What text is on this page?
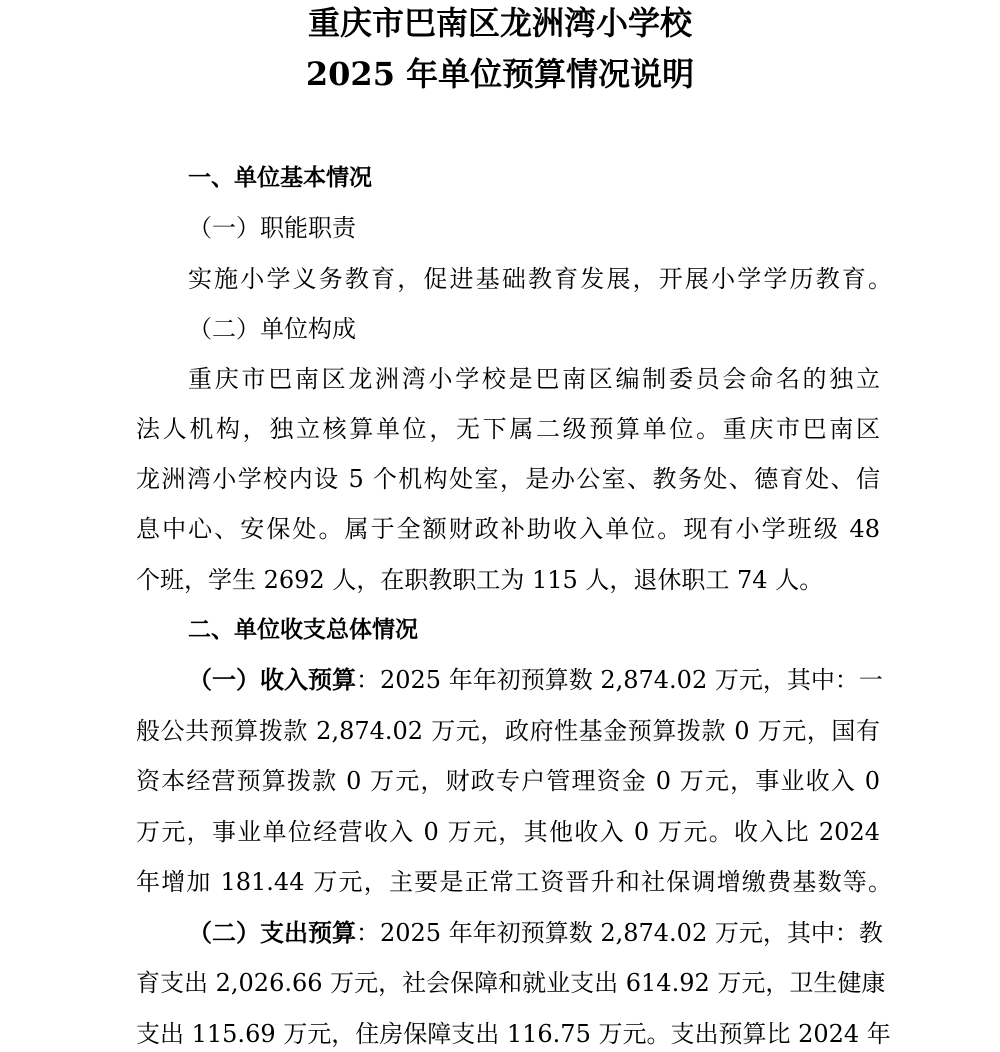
重庆市巴南区龙洲湾小学校
2025 年单位预算情况说明

一、单位基本情况

（一）职能职责

实施小学义务教育，促进基础教育发展，开展小学学历教育。

（二）单位构成

重庆市巴南区龙洲湾小学校是巴南区编制委员会命名的独立

法人机构，独立核算单位，无下属二级预算单位。重庆市巴南区

龙洲湾小学校内设 5 个机构处室，是办公室、教务处、德育处、信

息中心、安保处。属于全额财政补助收入单位。现有小学班级 48

个班，学生 2692 人，在职教职工为 115 人，退休职工 74 人。

二、单位收支总体情况

（一）收入预算：2025 年年初预算数 2,874.02 万元，其中：一

般公共预算拨款 2,874.02 万元，政府性基金预算拨款 0 万元，国有

资本经营预算拨款 0 万元，财政专户管理资金 0 万元，事业收入 0

万元，事业单位经营收入 0 万元，其他收入 0 万元。收入比 2024

年增加 181.44 万元，主要是正常工资晋升和社保调增缴费基数等。

（二）支出预算：2025 年年初预算数 2,874.02 万元，其中：教

育支出 2,026.66 万元，社会保障和就业支出 614.92 万元，卫生健康

支出 115.69 万元，住房保障支出 116.75 万元。支出预算比 2024 年
